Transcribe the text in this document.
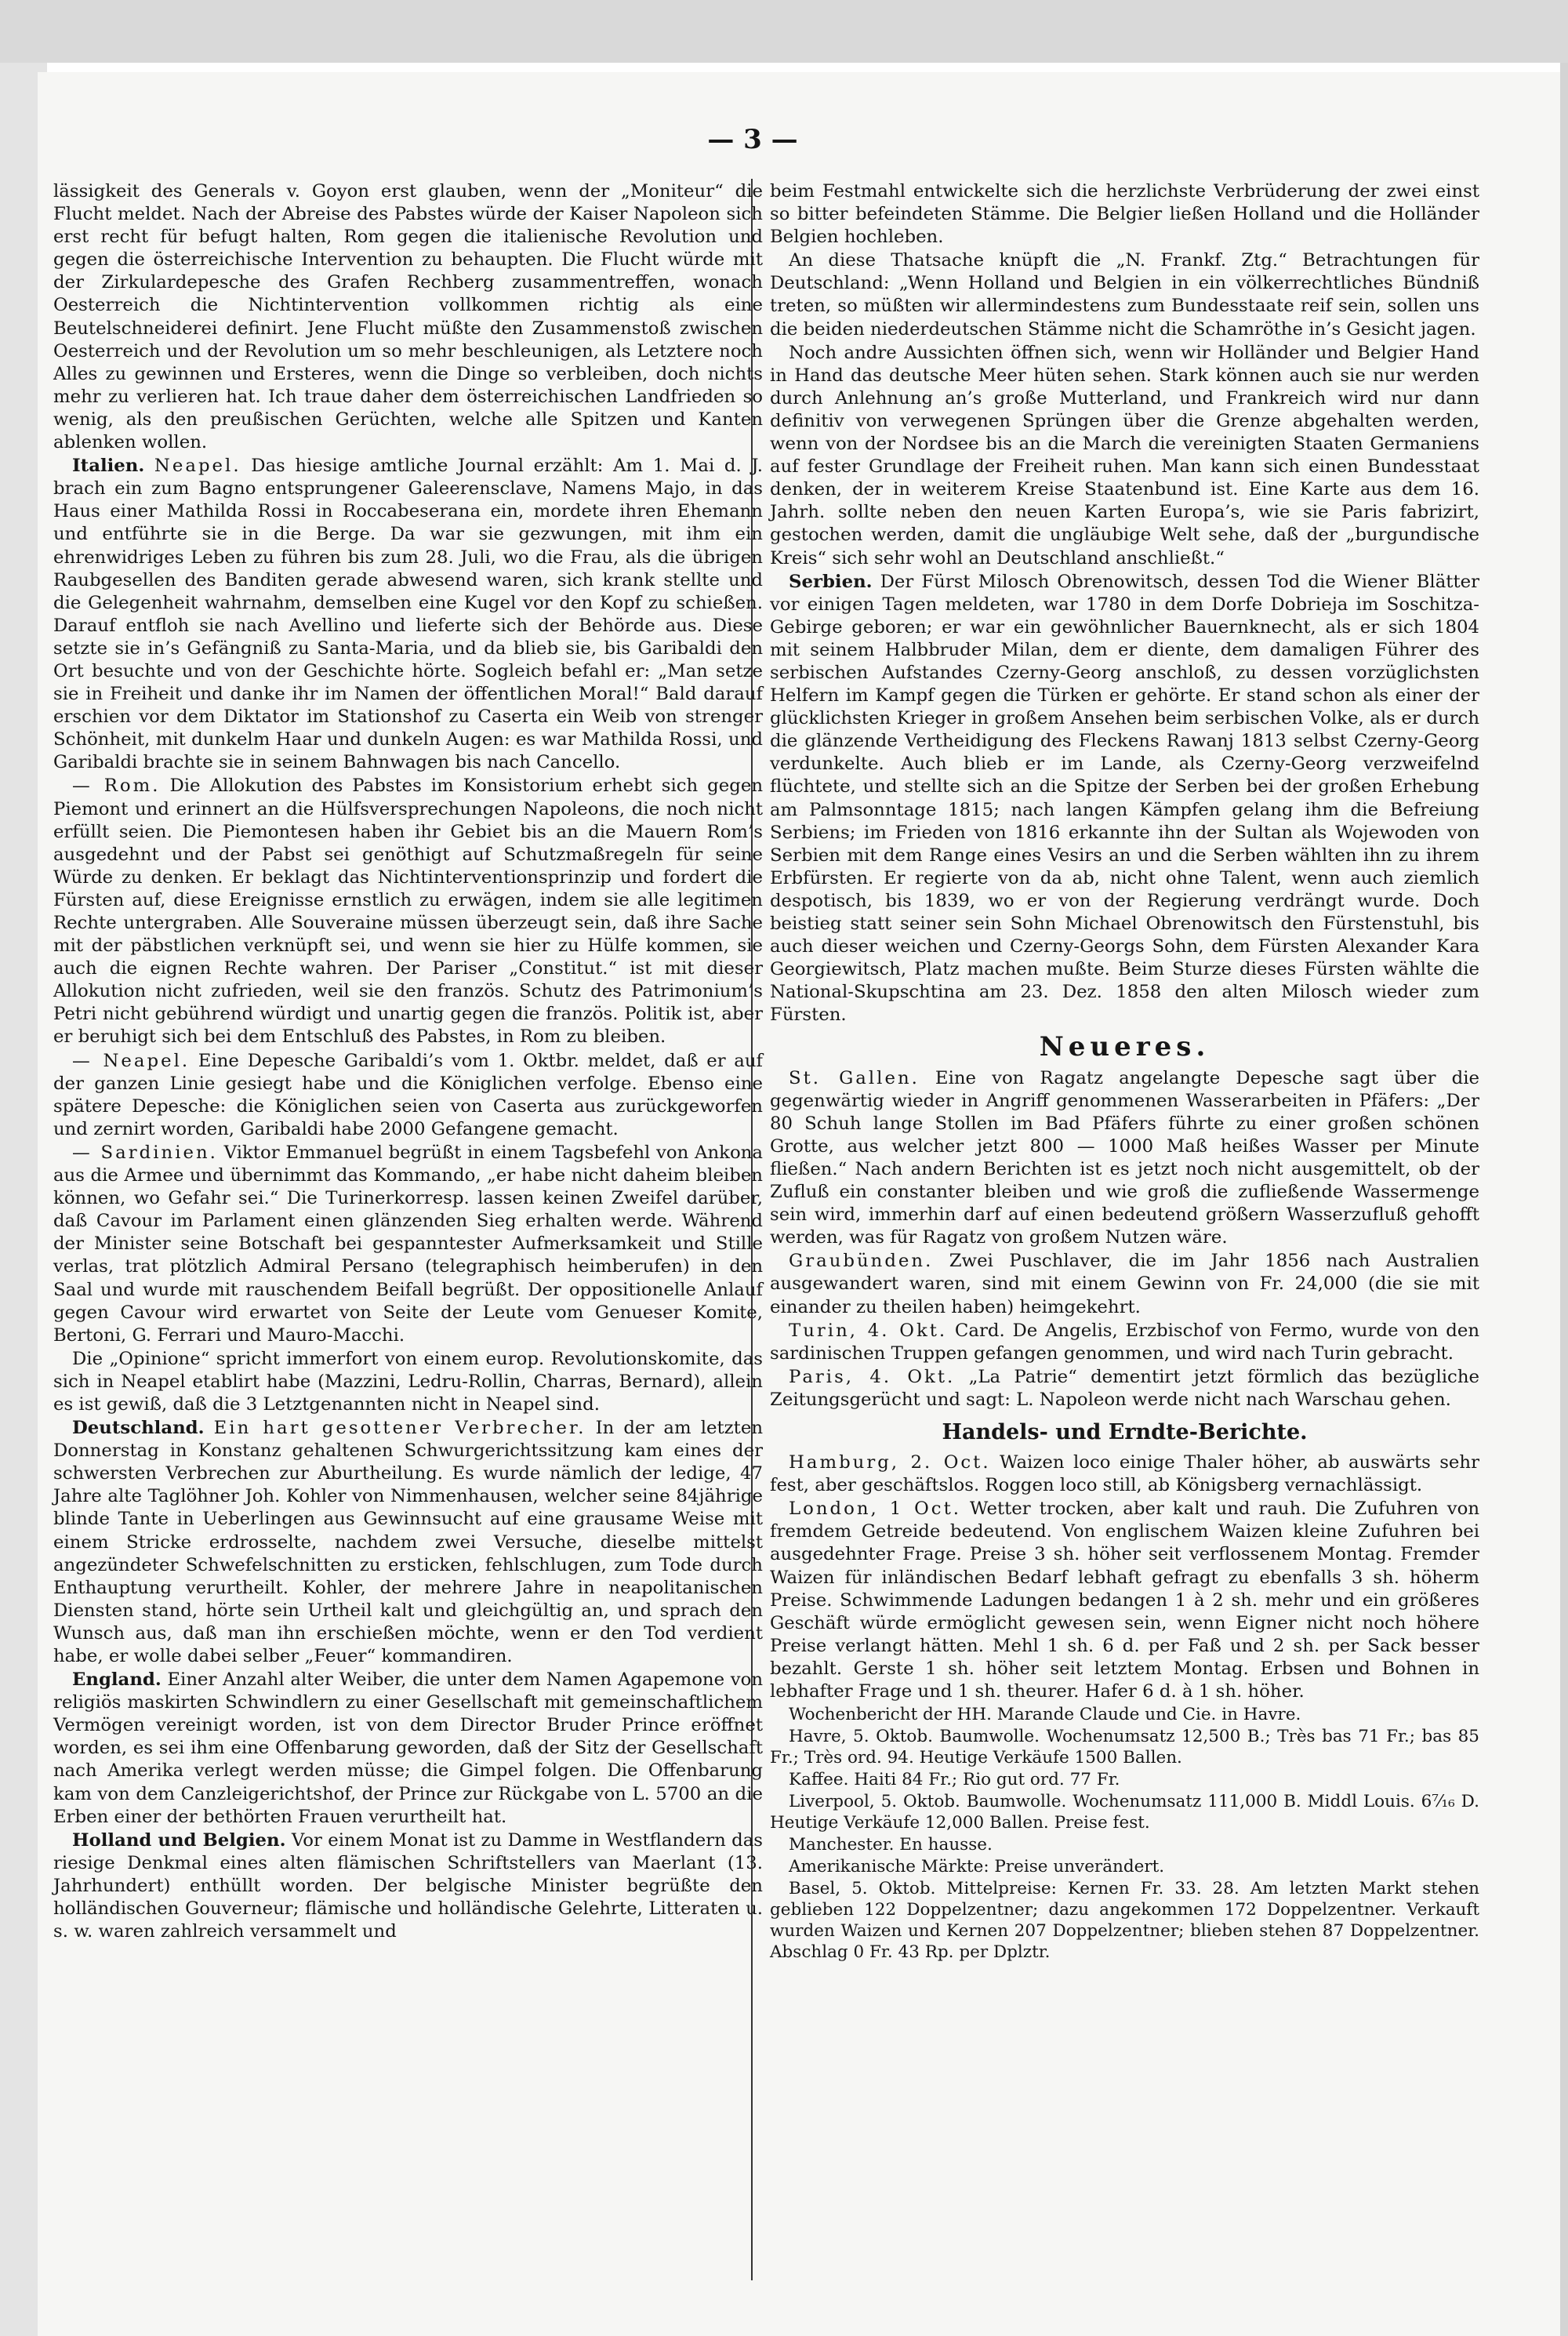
— 3 —

lässigkeit des Generals v. Goyon erst glauben, wenn der „Moniteur“ die Flucht meldet. Nach der Abreise des Pabstes würde der Kaiser Napoleon sich erst recht für befugt halten, Rom gegen die italienische Revolution und gegen die österreichische Intervention zu behaupten. Die Flucht würde mit der Zirkulardepesche des Grafen Rechberg zusammentreffen, wonach Oesterreich die Nichtintervention vollkommen richtig als eine Beutelschneiderei definirt. Jene Flucht müßte den Zusammenstoß zwischen Oesterreich und der Revolution um so mehr beschleunigen, als Letztere noch Alles zu gewinnen und Ersteres, wenn die Dinge so verbleiben, doch nichts mehr zu verlieren hat. Ich traue daher dem österreichischen Landfrieden so wenig, als den preußischen Gerüchten, welche alle Spitzen und Kanten ablenken wollen.

Italien. Neapel. Das hiesige amtliche Journal erzählt: Am 1. Mai d. J. brach ein zum Bagno entsprungener Galeerensclave, Namens Majo, in das Haus einer Mathilda Rossi in Roccabeserana ein, mordete ihren Ehemann und entführte sie in die Berge. Da war sie gezwungen, mit ihm ein ehrenwidriges Leben zu führen bis zum 28. Juli, wo die Frau, als die übrigen Raubgesellen des Banditen gerade abwesend waren, sich krank stellte und die Gelegenheit wahrnahm, demselben eine Kugel vor den Kopf zu schießen. Darauf entfloh sie nach Avellino und lieferte sich der Behörde aus. Diese setzte sie in’s Gefängniß zu Santa-Maria, und da blieb sie, bis Garibaldi den Ort besuchte und von der Geschichte hörte. Sogleich befahl er: „Man setze sie in Freiheit und danke ihr im Namen der öffentlichen Moral!“ Bald darauf erschien vor dem Diktator im Stationshof zu Caserta ein Weib von strenger Schönheit, mit dunkelm Haar und dunkeln Augen: es war Mathilda Rossi, und Garibaldi brachte sie in seinem Bahnwagen bis nach Cancello.

— Rom. Die Allokution des Pabstes im Konsistorium erhebt sich gegen Piemont und erinnert an die Hülfsversprechungen Napoleons, die noch nicht erfüllt seien. Die Piemontesen haben ihr Gebiet bis an die Mauern Rom’s ausgedehnt und der Pabst sei genöthigt auf Schutzmaßregeln für seine Würde zu denken. Er beklagt das Nichtinterventionsprinzip und fordert die Fürsten auf, diese Ereignisse ernstlich zu erwägen, indem sie alle legitimen Rechte untergraben. Alle Souveraine müssen überzeugt sein, daß ihre Sache mit der päbstlichen verknüpft sei, und wenn sie hier zu Hülfe kommen, sie auch die eignen Rechte wahren. Der Pariser „Constitut.“ ist mit dieser Allokution nicht zufrieden, weil sie den französ. Schutz des Patrimonium’s Petri nicht gebührend würdigt und unartig gegen die französ. Politik ist, aber er beruhigt sich bei dem Entschluß des Pabstes, in Rom zu bleiben.

— Neapel. Eine Depesche Garibaldi’s vom 1. Oktbr. meldet, daß er auf der ganzen Linie gesiegt habe und die Königlichen verfolge. Ebenso eine spätere Depesche: die Königlichen seien von Caserta aus zurückgeworfen und zernirt worden, Garibaldi habe 2000 Gefangene gemacht.

— Sardinien. Viktor Emmanuel begrüßt in einem Tagsbefehl von Ankona aus die Armee und übernimmt das Kommando, „er habe nicht daheim bleiben können, wo Gefahr sei.“ Die Turinerkorresp. lassen keinen Zweifel darüber, daß Cavour im Parlament einen glänzenden Sieg erhalten werde. Während der Minister seine Botschaft bei gespanntester Aufmerksamkeit und Stille verlas, trat plötzlich Admiral Persano (telegraphisch heimberufen) in den Saal und wurde mit rauschendem Beifall begrüßt. Der oppositionelle Anlauf gegen Cavour wird erwartet von Seite der Leute vom Genueser Komite, Bertoni, G. Ferrari und Mauro-Macchi.

Die „Opinione“ spricht immerfort von einem europ. Revolutionskomite, das sich in Neapel etablirt habe (Mazzini, Ledru-Rollin, Charras, Bernard), allein es ist gewiß, daß die 3 Letztgenannten nicht in Neapel sind.

Deutschland. Ein hart gesottener Verbrecher. In der am letzten Donnerstag in Konstanz gehaltenen Schwurgerichtssitzung kam eines der schwersten Verbrechen zur Aburtheilung. Es wurde nämlich der ledige, 47 Jahre alte Taglöhner Joh. Kohler von Nimmenhausen, welcher seine 84jährige blinde Tante in Ueberlingen aus Gewinnsucht auf eine grausame Weise mit einem Stricke erdrosselte, nachdem zwei Versuche, dieselbe mittelst angezündeter Schwefelschnitten zu ersticken, fehlschlugen, zum Tode durch Enthauptung verurtheilt. Kohler, der mehrere Jahre in neapolitanischen Diensten stand, hörte sein Urtheil kalt und gleichgültig an, und sprach den Wunsch aus, daß man ihn erschießen möchte, wenn er den Tod verdient habe, er wolle dabei selber „Feuer“ kommandiren.

England. Einer Anzahl alter Weiber, die unter dem Namen Agapemone von religiös maskirten Schwindlern zu einer Gesellschaft mit gemeinschaftlichem Vermögen vereinigt worden, ist von dem Director Bruder Prince eröffnet worden, es sei ihm eine Offenbarung geworden, daß der Sitz der Gesellschaft nach Amerika verlegt werden müsse; die Gimpel folgen. Die Offenbarung kam von dem Canzleigerichtshof, der Prince zur Rückgabe von L. 5700 an die Erben einer der bethörten Frauen verurtheilt hat.

Holland und Belgien. Vor einem Monat ist zu Damme in Westflandern das riesige Denkmal eines alten flämischen Schriftstellers van Maerlant (13. Jahrhundert) enthüllt worden. Der belgische Minister begrüßte den holländischen Gouverneur; flämische und holländische Gelehrte, Litteraten u. s. w. waren zahlreich versammelt und

beim Festmahl entwickelte sich die herzlichste Verbrüderung der zwei einst so bitter befeindeten Stämme. Die Belgier ließen Holland und die Holländer Belgien hochleben.

An diese Thatsache knüpft die „N. Frankf. Ztg.“ Betrachtungen für Deutschland: „Wenn Holland und Belgien in ein völkerrechtliches Bündniß treten, so müßten wir allermindestens zum Bundesstaate reif sein, sollen uns die beiden niederdeutschen Stämme nicht die Schamröthe in’s Gesicht jagen.

Noch andre Aussichten öffnen sich, wenn wir Holländer und Belgier Hand in Hand das deutsche Meer hüten sehen. Stark können auch sie nur werden durch Anlehnung an’s große Mutterland, und Frankreich wird nur dann definitiv von verwegenen Sprüngen über die Grenze abgehalten werden, wenn von der Nordsee bis an die March die vereinigten Staaten Germaniens auf fester Grundlage der Freiheit ruhen. Man kann sich einen Bundesstaat denken, der in weiterem Kreise Staatenbund ist. Eine Karte aus dem 16. Jahrh. sollte neben den neuen Karten Europa’s, wie sie Paris fabrizirt, gestochen werden, damit die ungläubige Welt sehe, daß der „burgundische Kreis“ sich sehr wohl an Deutschland anschließt.“

Serbien. Der Fürst Milosch Obrenowitsch, dessen Tod die Wiener Blätter vor einigen Tagen meldeten, war 1780 in dem Dorfe Dobrieja im Soschitza-Gebirge geboren; er war ein gewöhnlicher Bauernknecht, als er sich 1804 mit seinem Halbbruder Milan, dem er diente, dem damaligen Führer des serbischen Aufstandes Czerny-Georg anschloß, zu dessen vorzüglichsten Helfern im Kampf gegen die Türken er gehörte. Er stand schon als einer der glücklichsten Krieger in großem Ansehen beim serbischen Volke, als er durch die glänzende Vertheidigung des Fleckens Rawanj 1813 selbst Czerny-Georg verdunkelte. Auch blieb er im Lande, als Czerny-Georg verzweifelnd flüchtete, und stellte sich an die Spitze der Serben bei der großen Erhebung am Palmsonntage 1815; nach langen Kämpfen gelang ihm die Befreiung Serbiens; im Frieden von 1816 erkannte ihn der Sultan als Wojewoden von Serbien mit dem Range eines Vesirs an und die Serben wählten ihn zu ihrem Erbfürsten. Er regierte von da ab, nicht ohne Talent, wenn auch ziemlich despotisch, bis 1839, wo er von der Regierung verdrängt wurde. Doch beistieg statt seiner sein Sohn Michael Obrenowitsch den Fürstenstuhl, bis auch dieser weichen und Czerny-Georgs Sohn, dem Fürsten Alexander Kara Georgiewitsch, Platz machen mußte. Beim Sturze dieses Fürsten wählte die National-Skupschtina am 23. Dez. 1858 den alten Milosch wieder zum Fürsten.

Neueres.

St. Gallen. Eine von Ragatz angelangte Depesche sagt über die gegenwärtig wieder in Angriff genommenen Wasserarbeiten in Pfäfers: „Der 80 Schuh lange Stollen im Bad Pfäfers führte zu einer großen schönen Grotte, aus welcher jetzt 800 — 1000 Maß heißes Wasser per Minute fließen.“ Nach andern Berichten ist es jetzt noch nicht ausgemittelt, ob der Zufluß ein constanter bleiben und wie groß die zufließende Wassermenge sein wird, immerhin darf auf einen bedeutend größern Wasserzufluß gehofft werden, was für Ragatz von großem Nutzen wäre.

Graubünden. Zwei Puschlaver, die im Jahr 1856 nach Australien ausgewandert waren, sind mit einem Gewinn von Fr. 24,000 (die sie mit einander zu theilen haben) heimgekehrt.

Turin, 4. Okt. Card. De Angelis, Erzbischof von Fermo, wurde von den sardinischen Truppen gefangen genommen, und wird nach Turin gebracht.

Paris, 4. Okt. „La Patrie“ dementirt jetzt förmlich das bezügliche Zeitungsgerücht und sagt: L. Napoleon werde nicht nach Warschau gehen.

Handels- und Erndte-Berichte.

Hamburg, 2. Oct. Waizen loco einige Thaler höher, ab auswärts sehr fest, aber geschäftslos. Roggen loco still, ab Königsberg vernachlässigt.

London, 1 Oct. Wetter trocken, aber kalt und rauh. Die Zufuhren von fremdem Getreide bedeutend. Von englischem Waizen kleine Zufuhren bei ausgedehnter Frage. Preise 3 sh. höher seit verflossenem Montag. Fremder Waizen für inländischen Bedarf lebhaft gefragt zu ebenfalls 3 sh. höherm Preise. Schwimmende Ladungen bedangen 1 à 2 sh. mehr und ein größeres Geschäft würde ermöglicht gewesen sein, wenn Eigner nicht noch höhere Preise verlangt hätten. Mehl 1 sh. 6 d. per Faß und 2 sh. per Sack besser bezahlt. Gerste 1 sh. höher seit letztem Montag. Erbsen und Bohnen in lebhafter Frage und 1 sh. theurer. Hafer 6 d. à 1 sh. höher.

Wochenbericht der HH. Marande Claude und Cie. in Havre.

Havre, 5. Oktob. Baumwolle. Wochenumsatz 12,500 B.; Très bas 71 Fr.; bas 85 Fr.; Très ord. 94. Heutige Verkäufe 1500 Ballen.

Kaffee. Haiti 84 Fr.; Rio gut ord. 77 Fr.

Liverpool, 5. Oktob. Baumwolle. Wochenumsatz 111,000 B. Middl Louis. 6⁷⁄₁₆ D. Heutige Verkäufe 12,000 Ballen. Preise fest.

Manchester. En hausse.

Amerikanische Märkte: Preise unverändert.

Basel, 5. Oktob. Mittelpreise: Kernen Fr. 33. 28. Am letzten Markt stehen geblieben 122 Doppelzentner; dazu angekommen 172 Doppelzentner. Verkauft wurden Waizen und Kernen 207 Doppelzentner; blieben stehen 87 Doppelzentner. Abschlag 0 Fr. 43 Rp. per Dplztr.
